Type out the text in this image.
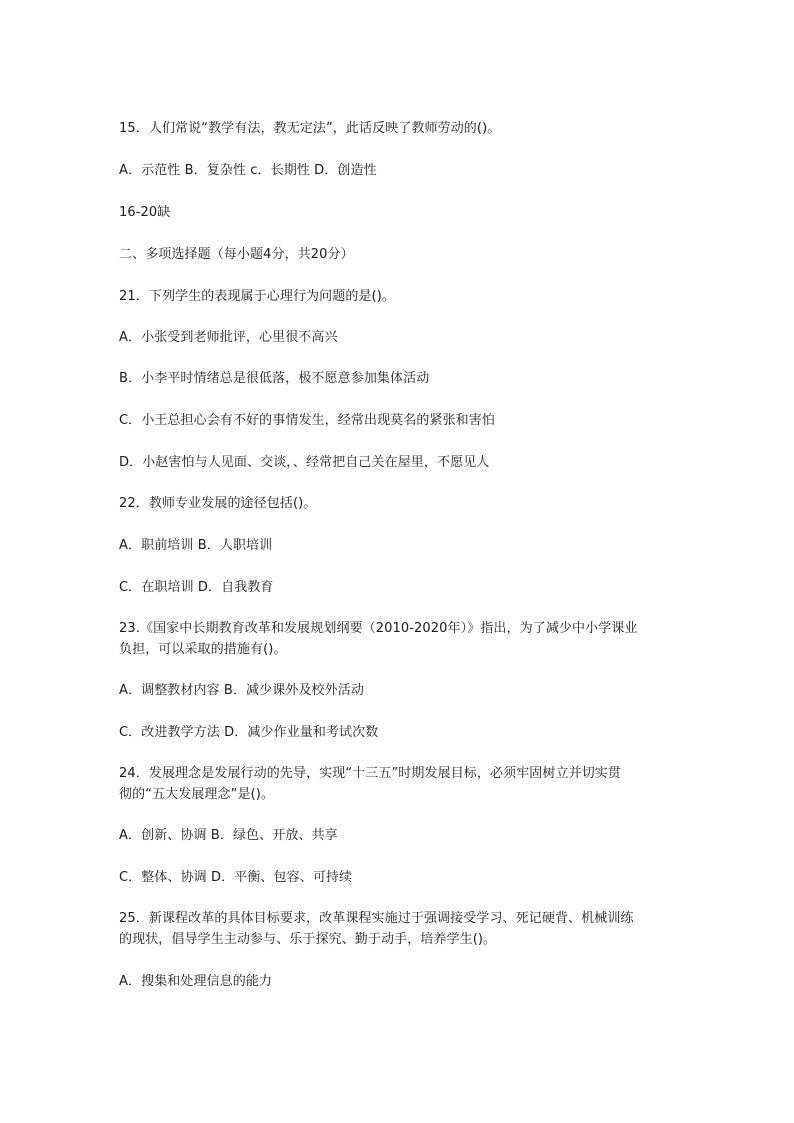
15．人们常说“教学有法，教无定法”，此话反映了教师劳动的()。
A．示范性 B．复杂性 c．长期性 D．创造性
16-20缺
二、多项选择题（每小题4分，共20分）
21．下列学生的表现属于心理行为问题的是()。
A．小张受到老师批评，心里很不高兴
B．小李平时情绪总是很低落，极不愿意参加集体活动
C．小王总担心会有不好的事情发生，经常出现莫名的紧张和害怕
D．小赵害怕与人见面、交谈，、经常把自己关在屋里，不愿见人
22．教师专业发展的途径包括()。
A．职前培训 B．人职培训
C．在职培训 D．自我教育
23.《国家中长期教育改革和发展规划纲要（2010-2020年）》指出，为了减少中小学课业
负担，可以采取的措施有()。
A．调整教材内容 B．减少课外及校外活动
C．改进教学方法 D．减少作业量和考试次数
24．发展理念是发展行动的先导，实现“十三五”时期发展目标，必须牢固树立并切实贯
彻的“五大发展理念”是()。
A．创新、协调 B．绿色、开放、共享
C．整体、协调 D．平衡、包容、可持续
25．新课程改革的具体目标要求，改革课程实施过于强调接受学习、死记硬背、机械训练
的现状，倡导学生主动参与、乐于探究、勤于动手，培养学生()。
A．搜集和处理信息的能力
